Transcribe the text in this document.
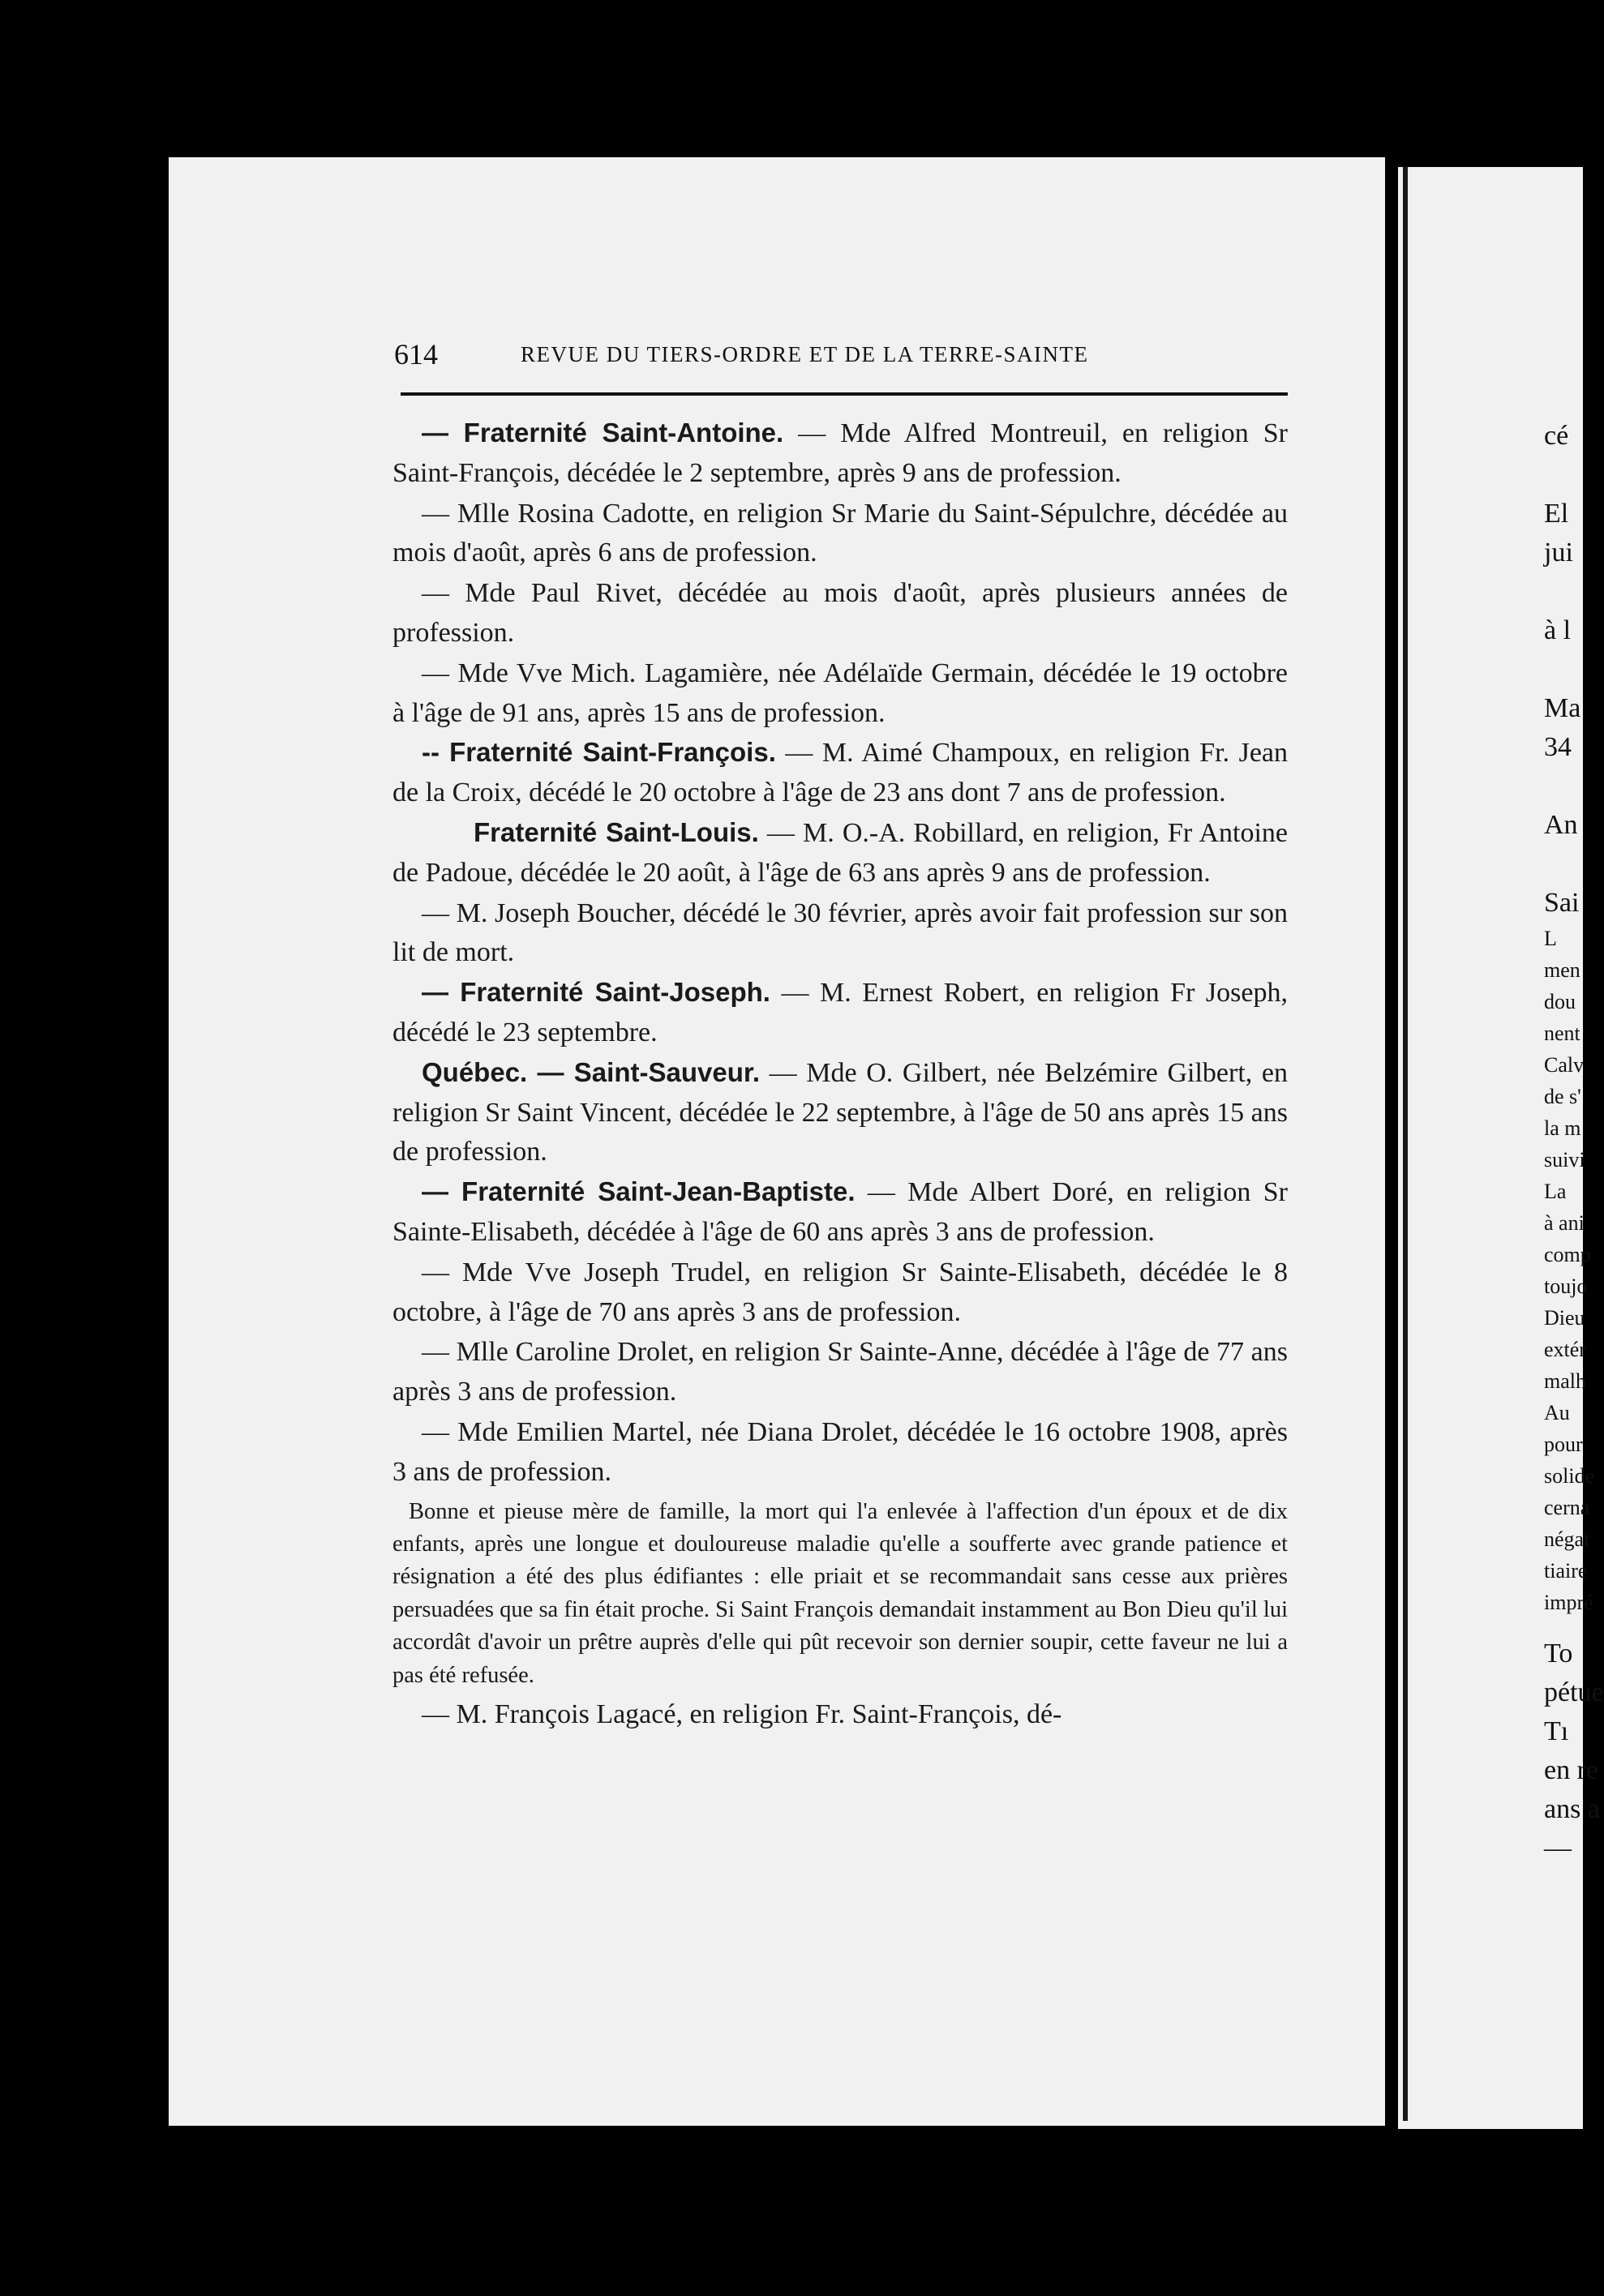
614	REVUE DU TIERS-ORDRE ET DE LA TERRE-SAINTE

— Fraternité Saint-Antoine. — Mde Alfred Montreuil, en religion Sr Saint-François, décédée le 2 septembre, après 9 ans de profession.

— Mlle Rosina Cadotte, en religion Sr Marie du Saint-Sépulchre, décédée au mois d'août, après 6 ans de profession.

— Mde Paul Rivet, décédée au mois d'août, après plusieurs années de profession.

— Mde Vve Mich. Lagamière, née Adélaïde Germain, décédée le 19 octobre à l'âge de 91 ans, après 15 ans de profession.

-- Fraternité Saint-François. — M. Aimé Champoux, en religion Fr. Jean de la Croix, décédé le 20 octobre à l'âge de 23 ans dont 7 ans de profession.

Fraternité Saint-Louis. — M. O.-A. Robillard, en religion, Fr Antoine de Padoue, décédée le 20 août, à l'âge de 63 ans après 9 ans de profession.

— M. Joseph Boucher, décédé le 30 février, après avoir fait profession sur son lit de mort.

— Fraternité Saint-Joseph. — M. Ernest Robert, en religion Fr Joseph, décédé le 23 septembre.

Québec. — Saint-Sauveur. — Mde O. Gilbert, née Belzémire Gilbert, en religion Sr Saint Vincent, décédée le 22 septembre, à l'âge de 50 ans après 15 ans de profession.

— Fraternité Saint-Jean-Baptiste. — Mde Albert Doré, en religion Sr Sainte-Elisabeth, décédée à l'âge de 60 ans après 3 ans de profession.

— Mde Vve Joseph Trudel, en religion Sr Sainte-Elisabeth, décédée le 8 octobre, à l'âge de 70 ans après 3 ans de profession.

— Mlle Caroline Drolet, en religion Sr Sainte-Anne, décédée à l'âge de 77 ans après 3 ans de profession.

— Mde Emilien Martel, née Diana Drolet, décédée le 16 octobre 1908, après 3 ans de profession.

Bonne et pieuse mère de famille, la mort qui l'a enlevée à l'affection d'un époux et de dix enfants, après une longue et douloureuse maladie qu'elle a soufferte avec grande patience et résignation a été des plus édifiantes : elle priait et se recommandait sans cesse aux prières persuadées que sa fin était proche. Si Saint François demandait instamment au Bon Dieu qu'il lui accordât d'avoir un prêtre auprès d'elle qui pût recevoir son dernier soupir, cette faveur ne lui a pas été refusée.

— M. François Lagacé, en religion Fr. Saint-François, dé-

cé
El
jui
à l
Ma
34
An
Sai
L
men
dou
nent
Calv
de s'
la m
suivi
La
à ani
comp
toujo
Dieu
extér
malh
Au
pour
solide
cerna
négat
tiaire
impré
To
pétue
Tı
en re
ans a
—
